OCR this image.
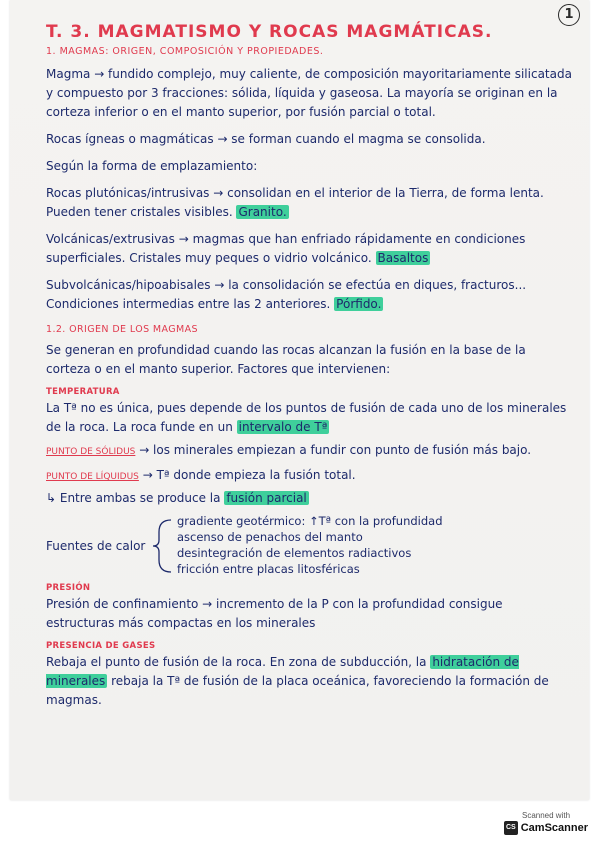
1
T. 3. MAGMATISMO Y ROCAS MAGMÁTICAS.
1. MAGMAS: ORIGEN, COMPOSICIÓN Y PROPIEDADES.

Magma → fundido complejo, muy caliente, de composición mayoritariamente silicatada y compuesto por 3 fracciones: sólida, líquida y gaseosa. La mayoría se originan en la corteza inferior o en el manto superior, por fusión parcial o total.

Rocas ígneas o magmáticas → se forman cuando el magma se consolida.

Según la forma de emplazamiento:

Rocas plutónicas/intrusivas → consolidan en el interior de la Tierra, de forma lenta. Pueden tener cristales visibles. Granito.

Volcánicas/extrusivas → magmas que han enfriado rápidamente en condiciones superficiales. Cristales muy peques o vidrio volcánico. Basaltos

Subvolcánicas/hipoabisales → la consolidación se efectúa en diques, fracturos... Condiciones intermedias entre las 2 anteriores. Pórfido.

1.2. ORIGEN DE LOS MAGMAS

Se generan en profundidad cuando las rocas alcanzan la fusión en la base de la corteza o en el manto superior. Factores que intervienen:

TEMPERATURA

La Tª no es única, pues depende de los puntos de fusión de cada uno de los minerales de la roca. La roca funde en un intervalo de Tª

PUNTO DE SÓLIDUS → los minerales empiezan a fundir con punto de fusión más bajo.

PUNTO DE LÍQUIDUS → Tª donde empieza la fusión total.

↳ Entre ambas se produce la fusión parcial

Fuentes de calor
gradiente geotérmico: ↑Tª con la profundidad
ascenso de penachos del manto
desintegración de elementos radiactivos
fricción entre placas litosféricas
PRESIÓN

Presión de confinamiento → incremento de la P con la profundidad consigue estructuras más compactas en los minerales

PRESENCIA DE GASES

Rebaja el punto de fusión de la roca. En zona de subducción, la hidratación de minerales rebaja la Tª de fusión de la placa oceánica, favoreciendo la formación de magmas.

Scanned with
CS CamScanner
